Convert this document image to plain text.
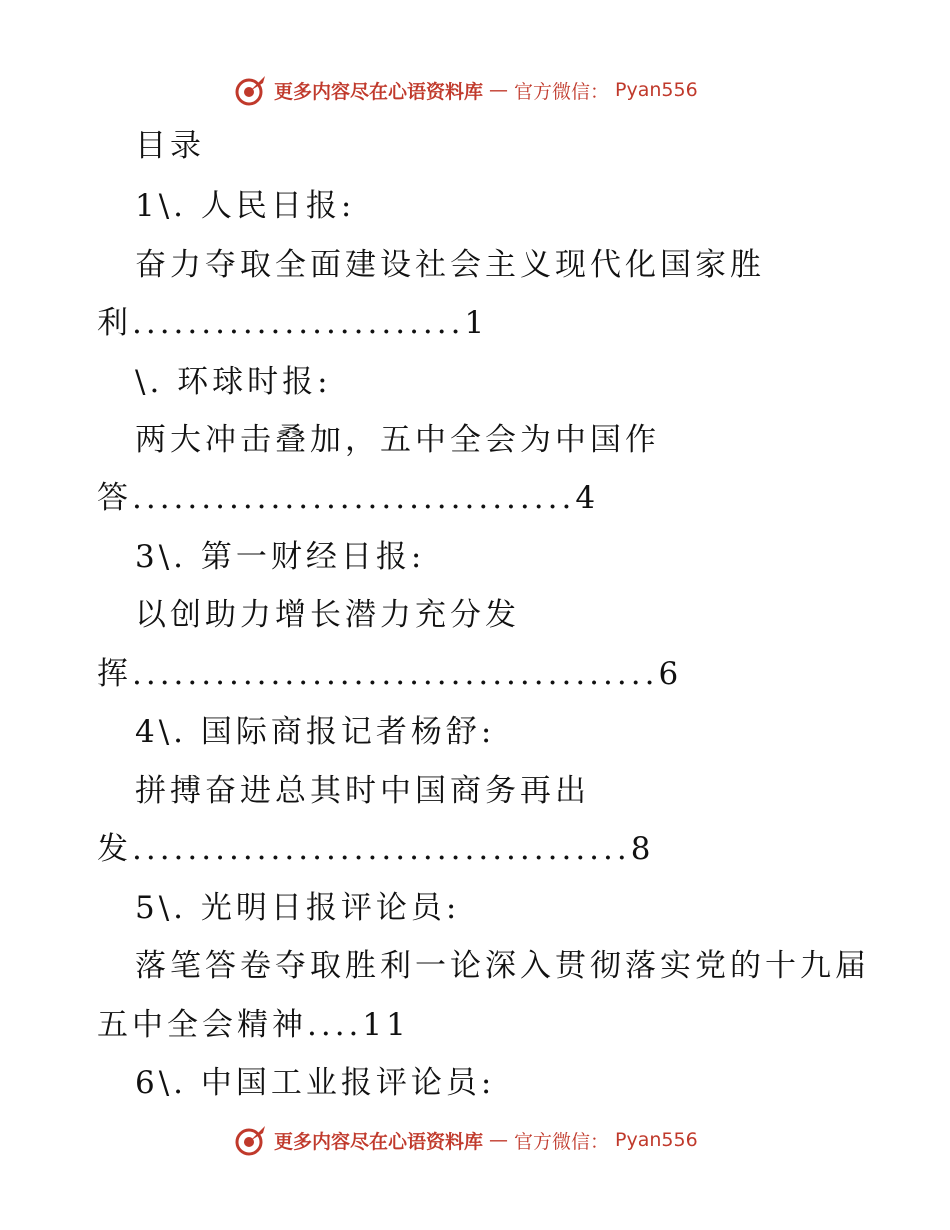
更多内容尽在心语资料库 — 官方微信： Pyan556
目录
1\. 人民日报:
奋力夺取全面建设社会主义现代化国家胜
利........................1
\. 环球时报:
两大冲击叠加，五中全会为中国作
答................................4
3\. 第一财经日报:
以创助力增长潜力充分发
挥......................................6
4\. 国际商报记者杨舒:
拼搏奋进总其时中国商务再出
发....................................8
5\. 光明日报评论员:
落笔答卷夺取胜利一论深入贯彻落实党的十九届
五中全会精神....11
6\. 中国工业报评论员:
更多内容尽在心语资料库 — 官方微信： Pyan556
